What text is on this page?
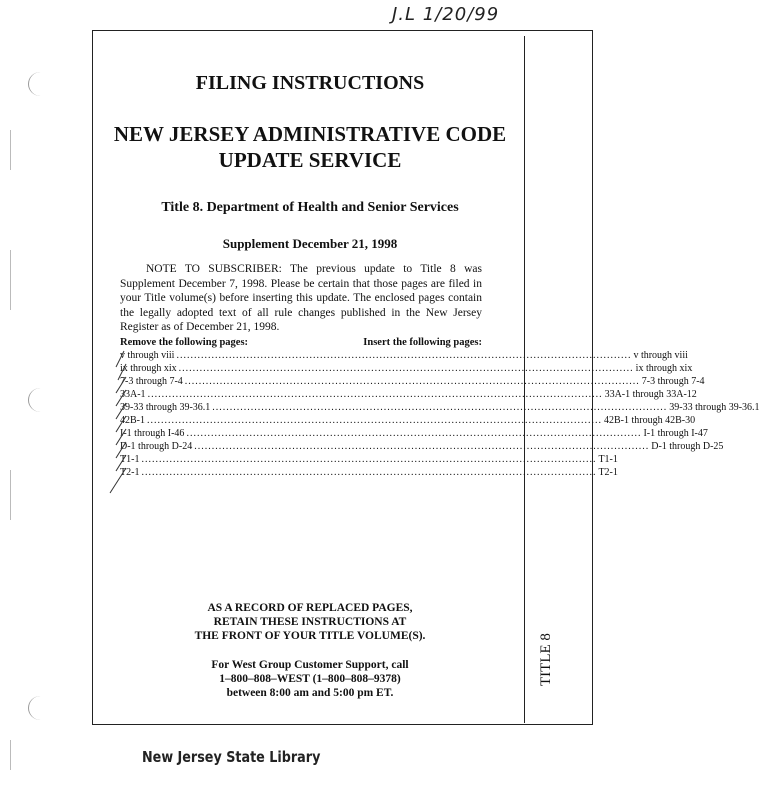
J.L 1/20/99
FILING INSTRUCTIONS
NEW JERSEY ADMINISTRATIVE CODE
UPDATE SERVICE
Title 8. Department of Health and Senior Services
Supplement December 21, 1998
NOTE TO SUBSCRIBER: The previous update to Title 8 was Supplement December 7, 1998. Please be certain that those pages are filed in your Title volume(s) before inserting this update. The enclosed pages contain the legally adopted text of all rule changes published in the New Jersey Register as of December 21, 1998.
Remove the following pages:	Insert the following pages:
v through viii .................................................................................................................................. v through viii
ix through xix .................................................................................................................................. ix through xix
7-3 through 7-4 .................................................................................................................................. 7-3 through 7-4
33A-1 .................................................................................................................................. 33A-1 through 33A-12
39-33 through 39-36.1 .................................................................................................................................. 39-33 through 39-36.1
42B-1 .................................................................................................................................. 42B-1 through 42B-30
I-1 through I-46 .................................................................................................................................. I-1 through I-47
D-1 through D-24 .................................................................................................................................. D-1 through D-25
T1-1 .................................................................................................................................. T1-1
T2-1 .................................................................................................................................. T2-1
AS A RECORD OF REPLACED PAGES,
RETAIN THESE INSTRUCTIONS AT
THE FRONT OF YOUR TITLE VOLUME(S).
For West Group Customer Support, call
1–800–808–WEST (1–800–808–9378)
between 8:00 am and 5:00 pm ET.
TITLE 8
New Jersey State Library
